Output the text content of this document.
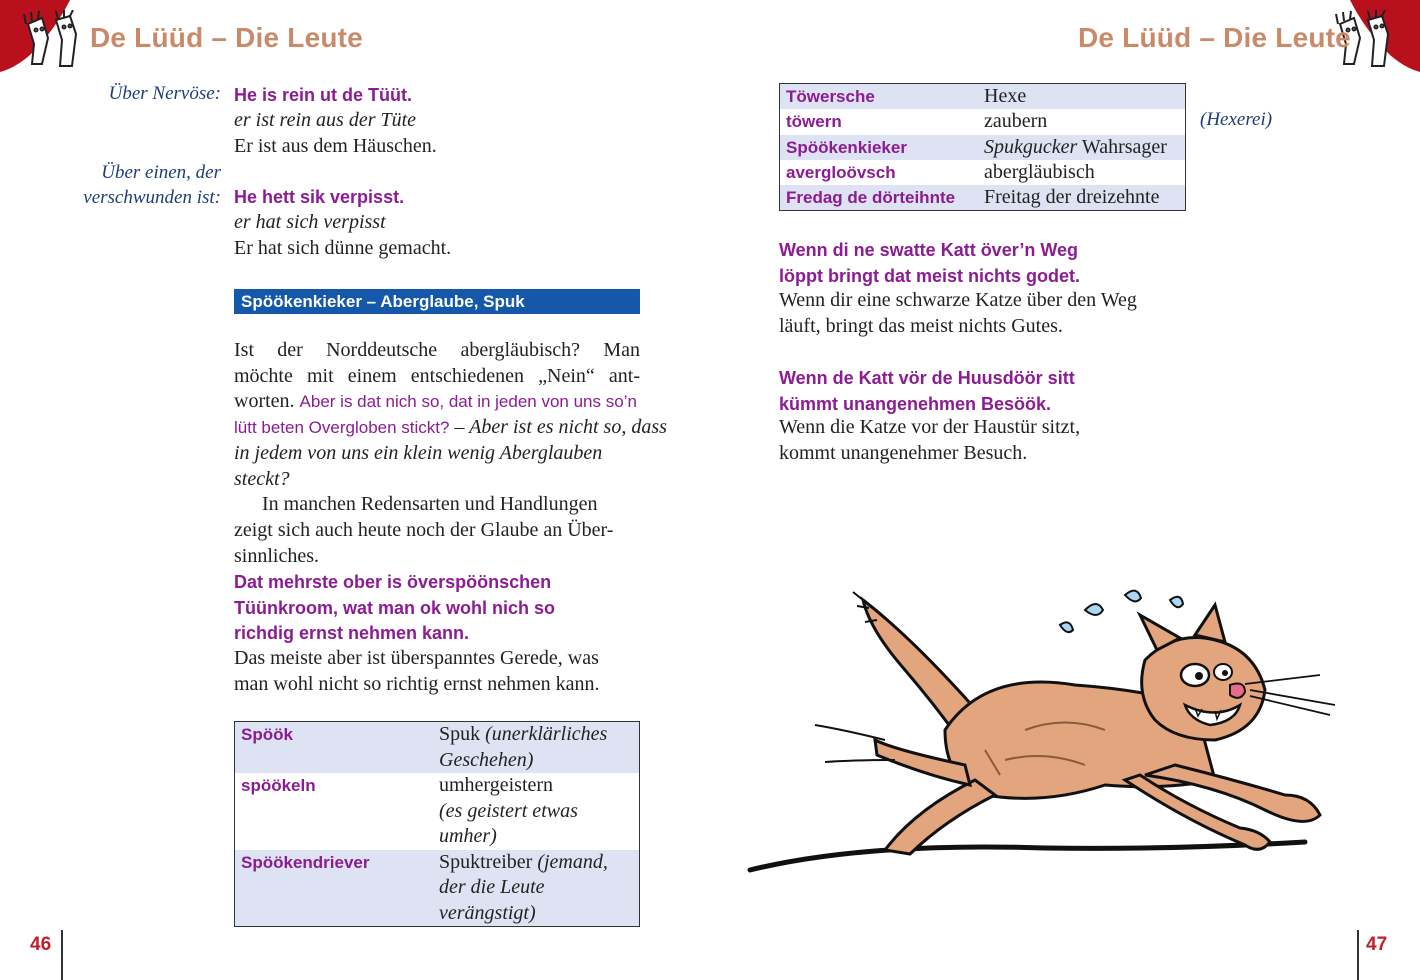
De Lüüd – Die Leute	De Lüüd – Die Leute
Über Nervöse: He is rein ut de Tüüt.
er ist rein aus der Tüte
Er ist aus dem Häuschen.
Über einen, der
verschwunden ist: He hett sik verpisst.
er hat sich verpisst
Er hat sich dünne gemacht.
Spöökenkieker – Aberglaube, Spuk
Ist der Norddeutsche abergläubisch? Man
möchte mit einem entschiedenen „Nein“ ant-
worten. Aber is dat nich so, dat in jeden von uns so’n
lütt beten Overgloben stickt? – Aber ist es nicht so, dass
in jedem von uns ein klein wenig Aberglauben steckt?
In manchen Redensarten und Handlungen
zeigt sich auch heute noch der Glaube an Über-
sinnliches.
Dat mehrste ober is överspöönschen
Tüünkroom, wat man ok wohl nich so
richdig ernst nehmen kann.
Das meiste aber ist überspanntes Gerede, was
man wohl nicht so richtig ernst nehmen kann.
Spöök	Spuk (unerklärliches
Geschehen)
spöökeln	umhergeistern
(es geistert etwas umher)
Spöökendriever	Spuktreiber (jemand,
der die Leute verängstigt)
46
Töwersche	Hexe
töwern	zaubern
Spöökenkieker	Spukgucker Wahrsager
avergloövsch	abergläubisch
Fredag de dörteihnte	Freitag der dreizehnte
(Hexerei)
Wenn di ne swatte Katt över’n Weg
löppt bringt dat meist nichts godet.
Wenn dir eine schwarze Katze über den Weg
läuft, bringt das meist nichts Gutes.
Wenn de Katt vör de Huusdöör sitt
kümmt unangenehmen Besöök.
Wenn die Katze vor der Haustür sitzt,
kommt unangenehmer Besuch.
47
